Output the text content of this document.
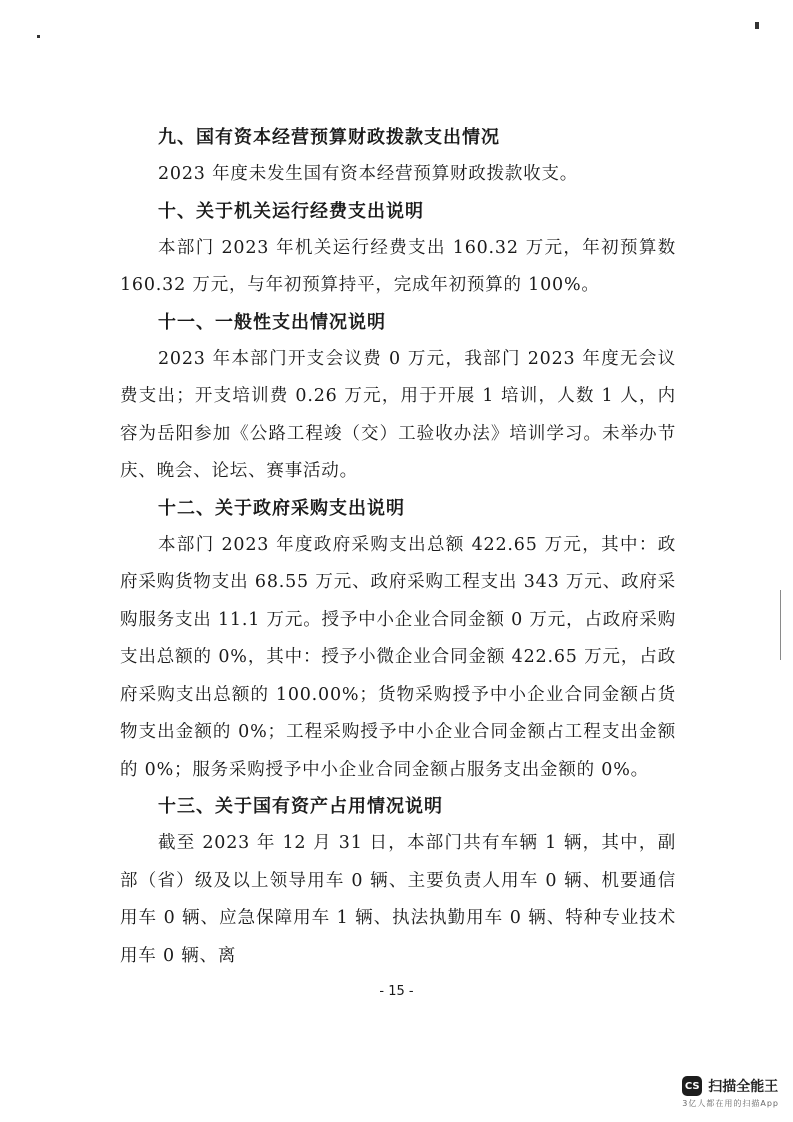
九、国有资本经营预算财政拨款支出情况

2023 年度未发生国有资本经营预算财政拨款收支。

十、关于机关运行经费支出说明

本部门 2023 年机关运行经费支出 160.32 万元，年初预算数 160.32 万元，与年初预算持平，完成年初预算的 100%。

十一、一般性支出情况说明

2023 年本部门开支会议费 0 万元，我部门 2023 年度无会议费支出；开支培训费 0.26 万元，用于开展 1 培训，人数 1 人，内容为岳阳参加《公路工程竣（交）工验收办法》培训学习。未举办节庆、晚会、论坛、赛事活动。

十二、关于政府采购支出说明

本部门 2023 年度政府采购支出总额 422.65 万元，其中：政府采购货物支出 68.55 万元、政府采购工程支出 343 万元、政府采购服务支出 11.1 万元。授予中小企业合同金额 0 万元，占政府采购支出总额的 0%，其中：授予小微企业合同金额 422.65 万元，占政府采购支出总额的 100.00%；货物采购授予中小企业合同金额占货物支出金额的 0%；工程采购授予中小企业合同金额占工程支出金额的 0%；服务采购授予中小企业合同金额占服务支出金额的 0%。

十三、关于国有资产占用情况说明

截至 2023 年 12 月 31 日，本部门共有车辆 1 辆，其中，副部（省）级及以上领导用车 0 辆、主要负责人用车 0 辆、机要通信用车 0 辆、应急保障用车 1 辆、执法执勤用车 0 辆、特种专业技术用车 0 辆、离

- 15 -
CS 扫描全能王
3亿人都在用的扫描App
